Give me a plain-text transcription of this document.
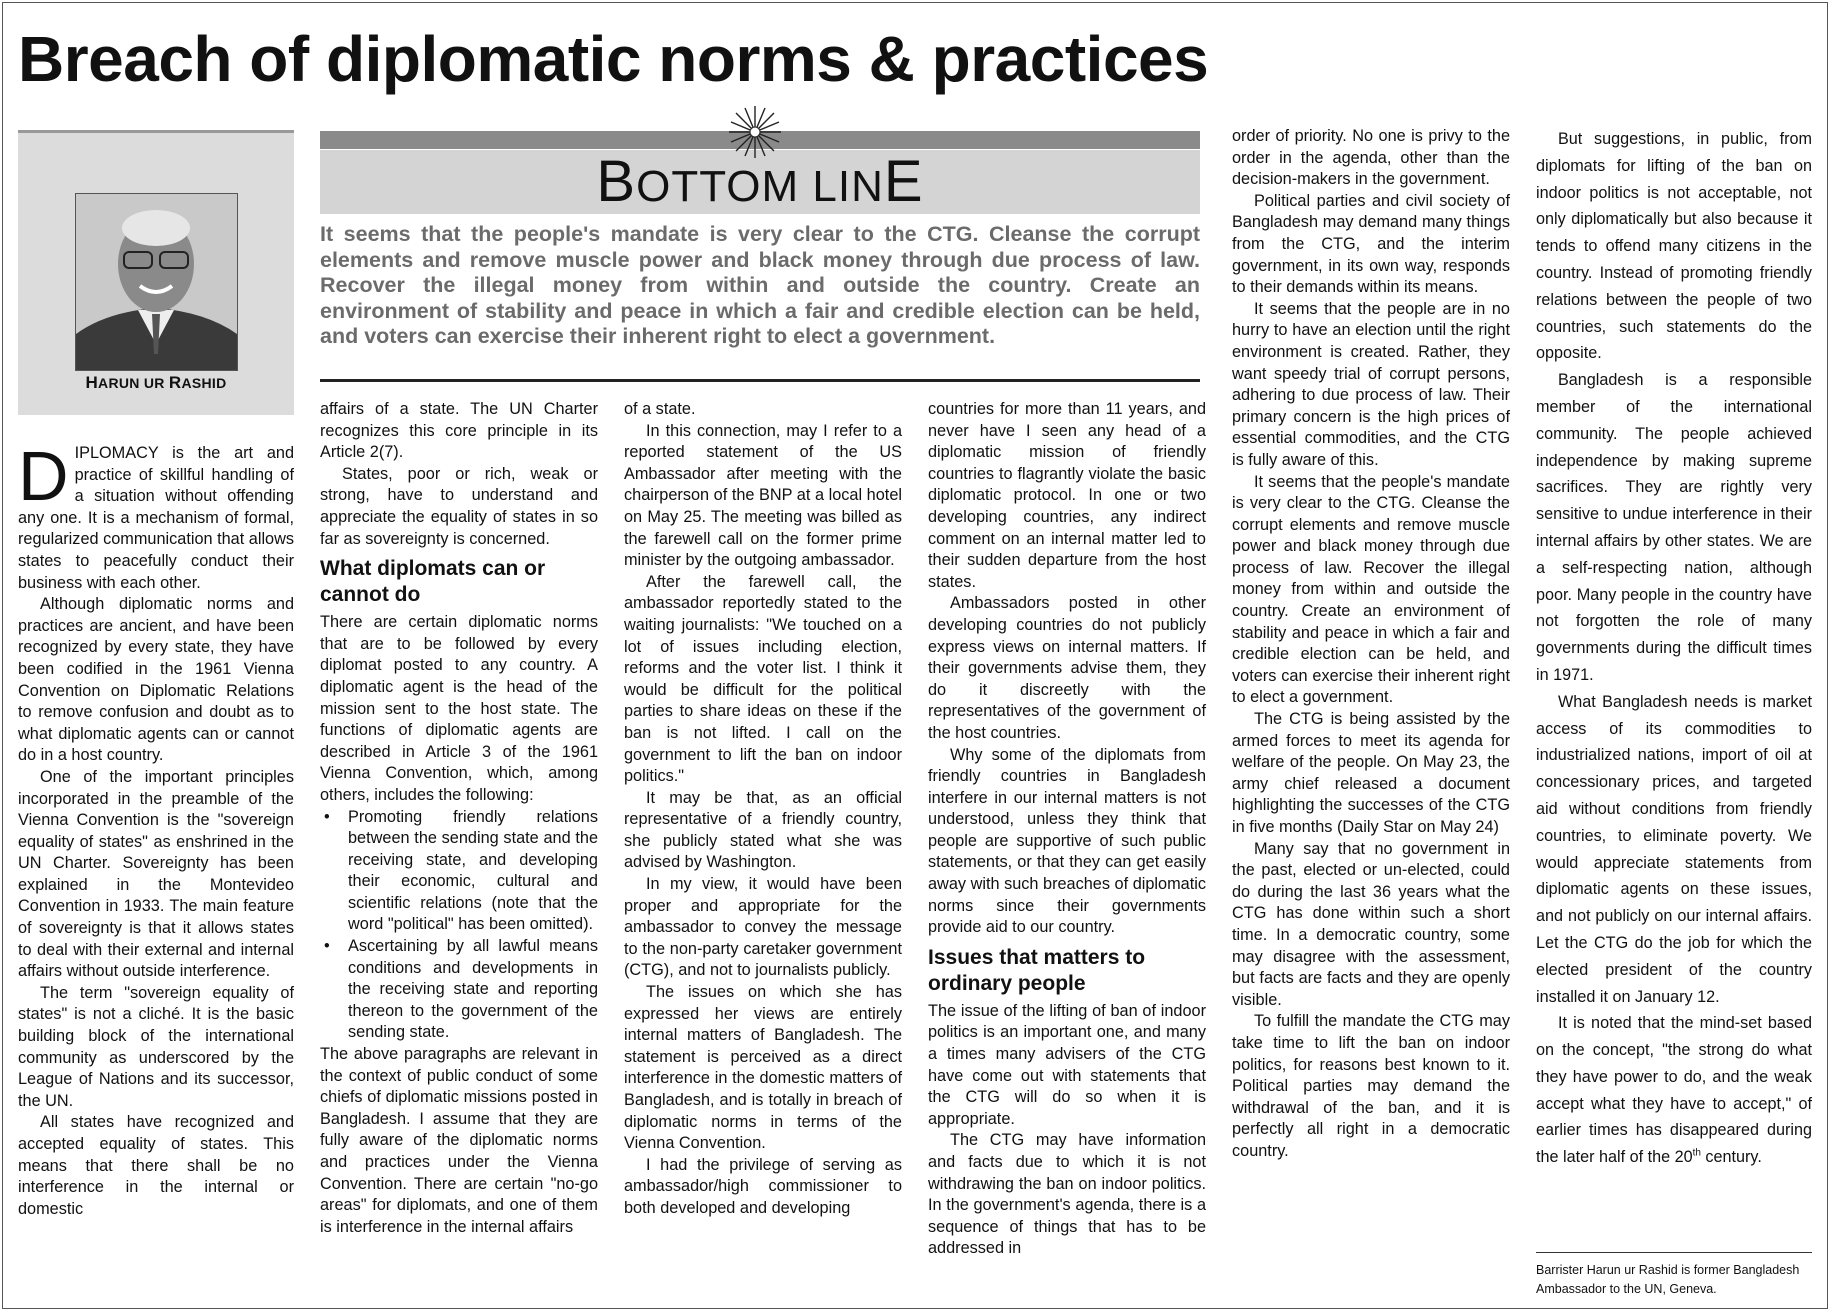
Breach of diplomatic norms & practices
HARUN UR RASHID
BOTTOM LINE

It seems that the people's mandate is very clear to the CTG. Cleanse the corrupt elements and remove muscle power and black money through due process of law. Recover the illegal money from within and outside the country. Create an environment of stability and peace in which a fair and credible election can be held, and voters can exercise their inherent right to elect a government.

DIPLOMACY is the art and practice of skillful handling of a situation without offending any one. It is a mechanism of formal, regularized communication that allows states to peacefully conduct their business with each other.

Although diplomatic norms and practices are ancient, and have been recognized by every state, they have been codified in the 1961 Vienna Convention on Diplomatic Relations to remove confusion and doubt as to what diplomatic agents can or cannot do in a host country.

One of the important principles incorporated in the preamble of the Vienna Convention is the "sovereign equality of states" as enshrined in the UN Charter. Sovereignty has been explained in the Montevideo Convention in 1933. The main feature of sovereignty is that it allows states to deal with their external and internal affairs without outside interference.

The term "sovereign equality of states" is not a cliché. It is the basic building block of the international community as underscored by the League of Nations and its successor, the UN.

All states have recognized and accepted equality of states. This means that there shall be no interference in the internal or domestic

affairs of a state. The UN Charter recognizes this core principle in its Article 2(7).

States, poor or rich, weak or strong, have to understand and appreciate the equality of states in so far as sovereignty is concerned.

What diplomats can or cannot do

There are certain diplomatic norms that are to be followed by every diplomat posted to any country. A diplomatic agent is the head of the mission sent to the host state. The functions of diplomatic agents are described in Article 3 of the 1961 Vienna Convention, which, among others, includes the following:

• Promoting friendly relations between the sending state and the receiving state, and developing their economic, cultural and scientific relations (note that the word "political" has been omitted).
• Ascertaining by all lawful means conditions and developments in the receiving state and reporting thereon to the government of the sending state.

The above paragraphs are relevant in the context of public conduct of some chiefs of diplomatic missions posted in Bangladesh. I assume that they are fully aware of the diplomatic norms and practices under the Vienna Convention. There are certain "no-go areas" for diplomats, and one of them is interference in the internal affairs

of a state.

In this connection, may I refer to a reported statement of the US Ambassador after meeting with the chairperson of the BNP at a local hotel on May 25. The meeting was billed as the farewell call on the former prime minister by the outgoing ambassador.

After the farewell call, the ambassador reportedly stated to the waiting journalists: "We touched on a lot of issues including election, reforms and the voter list. I think it would be difficult for the political parties to share ideas on these if the ban is not lifted. I call on the government to lift the ban on indoor politics."

It may be that, as an official representative of a friendly country, she publicly stated what she was advised by Washington.

In my view, it would have been proper and appropriate for the ambassador to convey the message to the non-party caretaker government (CTG), and not to journalists publicly.

The issues on which she has expressed her views are entirely internal matters of Bangladesh. The statement is perceived as a direct interference in the domestic matters of Bangladesh, and is totally in breach of diplomatic norms in terms of the Vienna Convention.

I had the privilege of serving as ambassador/high commissioner to both developed and developing

countries for more than 11 years, and never have I seen any head of a diplomatic mission of friendly countries to flagrantly violate the basic diplomatic protocol. In one or two developing countries, any indirect comment on an internal matter led to their sudden departure from the host states.

Ambassadors posted in other developing countries do not publicly express views on internal matters. If their governments advise them, they do it discreetly with the representatives of the government of the host countries.

Why some of the diplomats from friendly countries in Bangladesh interfere in our internal matters is not understood, unless they think that people are supportive of such public statements, or that they can get easily away with such breaches of diplomatic norms since their governments provide aid to our country.

Issues that matters to ordinary people

The issue of the lifting of ban of indoor politics is an important one, and many a times many advisers of the CTG have come out with statements that the CTG will do so when it is appropriate.

The CTG may have information and facts due to which it is not withdrawing the ban on indoor politics. In the government's agenda, there is a sequence of things that has to be addressed in

order of priority. No one is privy to the order in the agenda, other than the decision-makers in the government.

Political parties and civil society of Bangladesh may demand many things from the CTG, and the interim government, in its own way, responds to their demands within its means.

It seems that the people are in no hurry to have an election until the right environment is created. Rather, they want speedy trial of corrupt persons, adhering to due process of law. Their primary concern is the high prices of essential commodities, and the CTG is fully aware of this.

It seems that the people's mandate is very clear to the CTG. Cleanse the corrupt elements and remove muscle power and black money through due process of law. Recover the illegal money from within and outside the country. Create an environment of stability and peace in which a fair and credible election can be held, and voters can exercise their inherent right to elect a government.

The CTG is being assisted by the armed forces to meet its agenda for welfare of the people. On May 23, the army chief released a document highlighting the successes of the CTG in five months (Daily Star on May 24)

Many say that no government in the past, elected or un-elected, could do during the last 36 years what the CTG has done within such a short time. In a democratic country, some may disagree with the assessment, but facts are facts and they are openly visible.

To fulfill the mandate the CTG may take time to lift the ban on indoor politics, for reasons best known to it. Political parties may demand the withdrawal of the ban, and it is perfectly all right in a democratic country.

But suggestions, in public, from diplomats for lifting of the ban on indoor politics is not acceptable, not only diplomatically but also because it tends to offend many citizens in the country. Instead of promoting friendly relations between the people of two countries, such statements do the opposite.

Bangladesh is a responsible member of the international community. The people achieved independence by making supreme sacrifices. They are rightly very sensitive to undue interference in their internal affairs by other states. We are a self-respecting nation, although poor. Many people in the country have not forgotten the role of many governments during the difficult times in 1971.

What Bangladesh needs is market access of its commodities to industrialized nations, import of oil at concessionary prices, and targeted aid without conditions from friendly countries, to eliminate poverty. We would appreciate statements from diplomatic agents on these issues, and not publicly on our internal affairs. Let the CTG do the job for which the elected president of the country installed it on January 12.

It is noted that the mind-set based on the concept, "the strong do what they have power to do, and the weak accept what they have to accept," of earlier times has disappeared during the later half of the 20th century.

Barrister Harun ur Rashid is former Bangladesh Ambassador to the UN, Geneva.
